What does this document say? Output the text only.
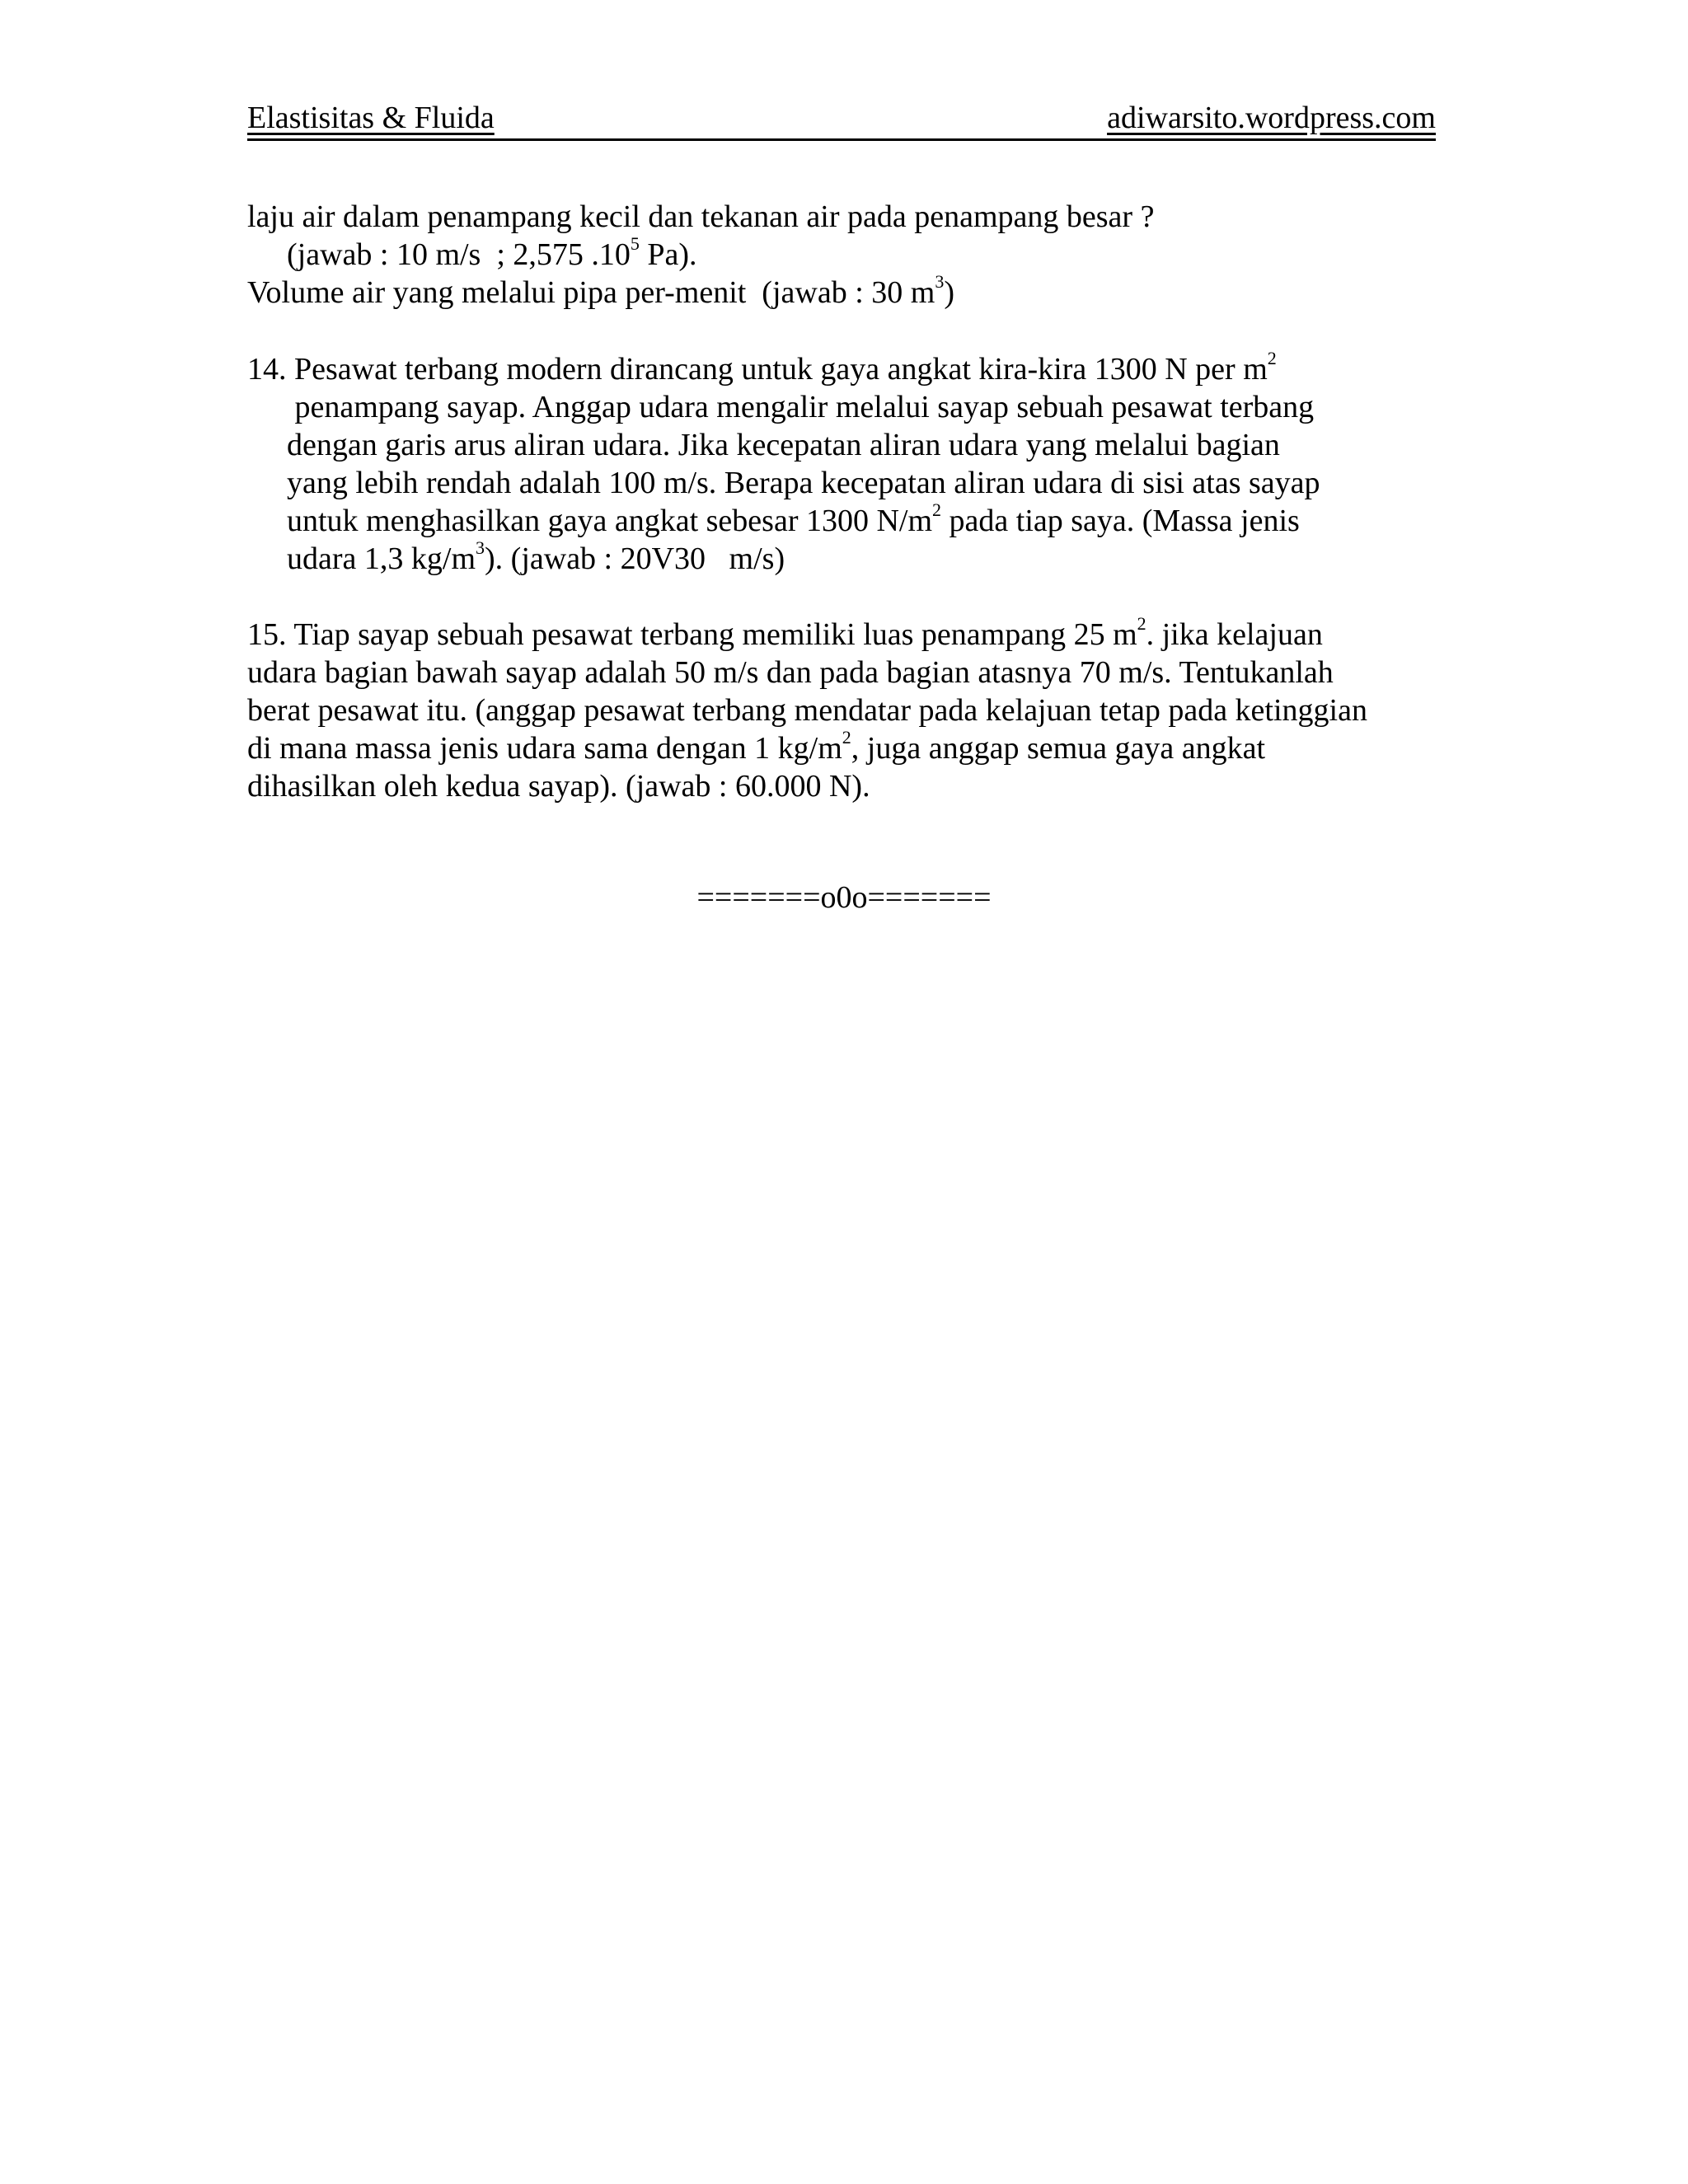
Elastisitas & Fluida	adiwarsito.wordpress.com
laju air dalam penampang kecil dan tekanan air pada penampang besar ?
(jawab : 10 m/s  ; 2,575 $.10^5$ Pa).
Volume air yang melalui pipa per-menit  (jawab : 30 $m^3$)
14. Pesawat terbang modern dirancang untuk gaya angkat kira-kira 1300 N per $m^2$
penampang sayap. Anggap udara mengalir melalui sayap sebuah pesawat terbang
dengan garis arus aliran udara. Jika kecepatan aliran udara yang melalui bagian
yang lebih rendah adalah 100 m/s. Berapa kecepatan aliran udara di sisi atas sayap
untuk menghasilkan gaya angkat sebesar 1300 $N/m^2$ pada tiap saya. (Massa jenis
udara 1,3 $kg/m^3$). (jawab : 20V30   m/s)
15. Tiap sayap sebuah pesawat terbang memiliki luas penampang 25 $m^2$. jika kelajuan
udara bagian bawah sayap adalah 50 m/s dan pada bagian atasnya 70 m/s. Tentukanlah
berat pesawat itu. (anggap pesawat terbang mendatar pada kelajuan tetap pada ketinggian
di mana massa jenis udara sama dengan 1 $kg/m^2$, juga anggap semua gaya angkat
dihasilkan oleh kedua sayap). (jawab : 60.000 N).
=======o0o=======
